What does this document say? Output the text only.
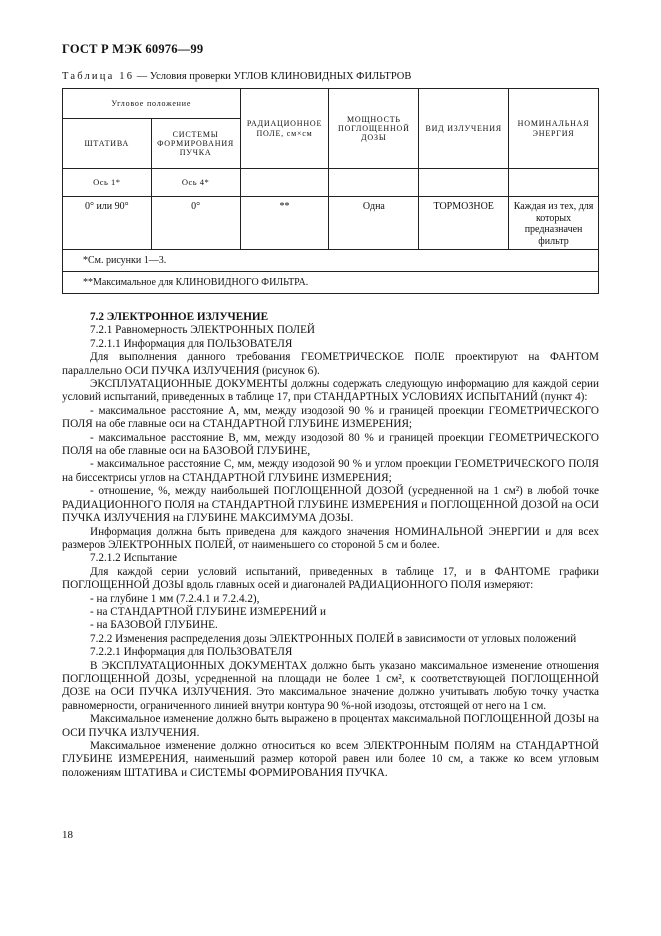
ГОСТ Р МЭК 60976—99
Таблица 16 — Условия проверки УГЛОВ КЛИНОВИДНЫХ ФИЛЬТРОВ
Угловое положение		РАДИАЦИОННОЕ ПОЛЕ, см×см	МОЩНОСТЬ ПОГЛОЩЕННОЙ ДОЗЫ	ВИД ИЗЛУЧЕНИЯ	НОМИНАЛЬНАЯ ЭНЕРГИЯ
ШТАТИВА	СИСТЕМЫ ФОРМИРОВАНИЯ ПУЧКА				
Ось 1*	Ось 4*				
0° или 90°	0°	**	Одна	ТОРМОЗНОЕ	Каждая из тех, для которых предназначен фильтр
*См. рисунки 1—3.					
**Максимальное для КЛИНОВИДНОГО ФИЛЬТРА.					

7.2 ЭЛЕКТРОННОЕ ИЗЛУЧЕНИЕ

7.2.1 Равномерность ЭЛЕКТРОННЫХ ПОЛЕЙ

7.2.1.1 Информация для ПОЛЬЗОВАТЕЛЯ

Для выполнения данного требования ГЕОМЕТРИЧЕСКОЕ ПОЛЕ проектируют на ФАНТОМ параллельно ОСИ ПУЧКА ИЗЛУЧЕНИЯ (рисунок 6).

ЭКСПЛУАТАЦИОННЫЕ ДОКУМЕНТЫ должны содержать следующую информацию для каждой серии условий испытаний, приведенных в таблице 17, при СТАНДАРТНЫХ УСЛОВИЯХ ИСПЫТАНИЙ (пункт 4):

- максимальное расстояние A, мм, между изодозой 90 % и границей проекции ГЕОМЕТРИЧЕСКОГО ПОЛЯ на обе главные оси на СТАНДАРТНОЙ ГЛУБИНЕ ИЗМЕРЕНИЯ;

- максимальное расстояние B, мм, между изодозой 80 % и границей проекции ГЕОМЕТРИЧЕСКОГО ПОЛЯ на обе главные оси на БАЗОВОЙ ГЛУБИНЕ,

- максимальное расстояние C, мм, между изодозой 90 % и углом проекции ГЕОМЕТРИЧЕСКОГО ПОЛЯ на биссектрисы углов на СТАНДАРТНОЙ ГЛУБИНЕ ИЗМЕРЕНИЯ;

- отношение, %, между наибольшей ПОГЛОЩЕННОЙ ДОЗОЙ (усредненной на 1 см²) в любой точке РАДИАЦИОННОГО ПОЛЯ на СТАНДАРТНОЙ ГЛУБИНЕ ИЗМЕРЕНИЯ и ПОГЛОЩЕННОЙ ДОЗОЙ на ОСИ ПУЧКА ИЗЛУЧЕНИЯ на ГЛУБИНЕ МАКСИМУМА ДОЗЫ.

Информация должна быть приведена для каждого значения НОМИНАЛЬНОЙ ЭНЕРГИИ и для всех размеров ЭЛЕКТРОННЫХ ПОЛЕЙ, от наименьшего со стороной 5 см и более.

7.2.1.2 Испытание

Для каждой серии условий испытаний, приведенных в таблице 17, и в ФАНТОМЕ графики ПОГЛОЩЕННОЙ ДОЗЫ вдоль главных осей и диагоналей РАДИАЦИОННОГО ПОЛЯ измеряют:

- на глубине 1 мм (7.2.4.1 и 7.2.4.2),

- на СТАНДАРТНОЙ ГЛУБИНЕ ИЗМЕРЕНИЙ и

- на БАЗОВОЙ ГЛУБИНЕ.

7.2.2 Изменения распределения дозы ЭЛЕКТРОННЫХ ПОЛЕЙ в зависимости от угловых положений

7.2.2.1 Информация для ПОЛЬЗОВАТЕЛЯ

В ЭКСПЛУАТАЦИОННЫХ ДОКУМЕНТАХ должно быть указано максимальное изменение отношения ПОГЛОЩЕННОЙ ДОЗЫ, усредненной на площади не более 1 см², к соответствующей ПОГЛОЩЕННОЙ ДОЗЕ на ОСИ ПУЧКА ИЗЛУЧЕНИЯ. Это максимальное значение должно учитывать любую точку участка равномерности, ограниченного линией внутри контура 90 %-ной изодозы, отстоящей от него на 1 см.

Максимальное изменение должно быть выражено в процентах максимальной ПОГЛОЩЕННОЙ ДОЗЫ на ОСИ ПУЧКА ИЗЛУЧЕНИЯ.

Максимальное изменение должно относиться ко всем ЭЛЕКТРОННЫМ ПОЛЯМ на СТАНДАРТНОЙ ГЛУБИНЕ ИЗМЕРЕНИЯ, наименьший размер которой равен или более 10 см, а также ко всем угловым положениям ШТАТИВА и СИСТЕМЫ ФОРМИРОВАНИЯ ПУЧКА.

18
